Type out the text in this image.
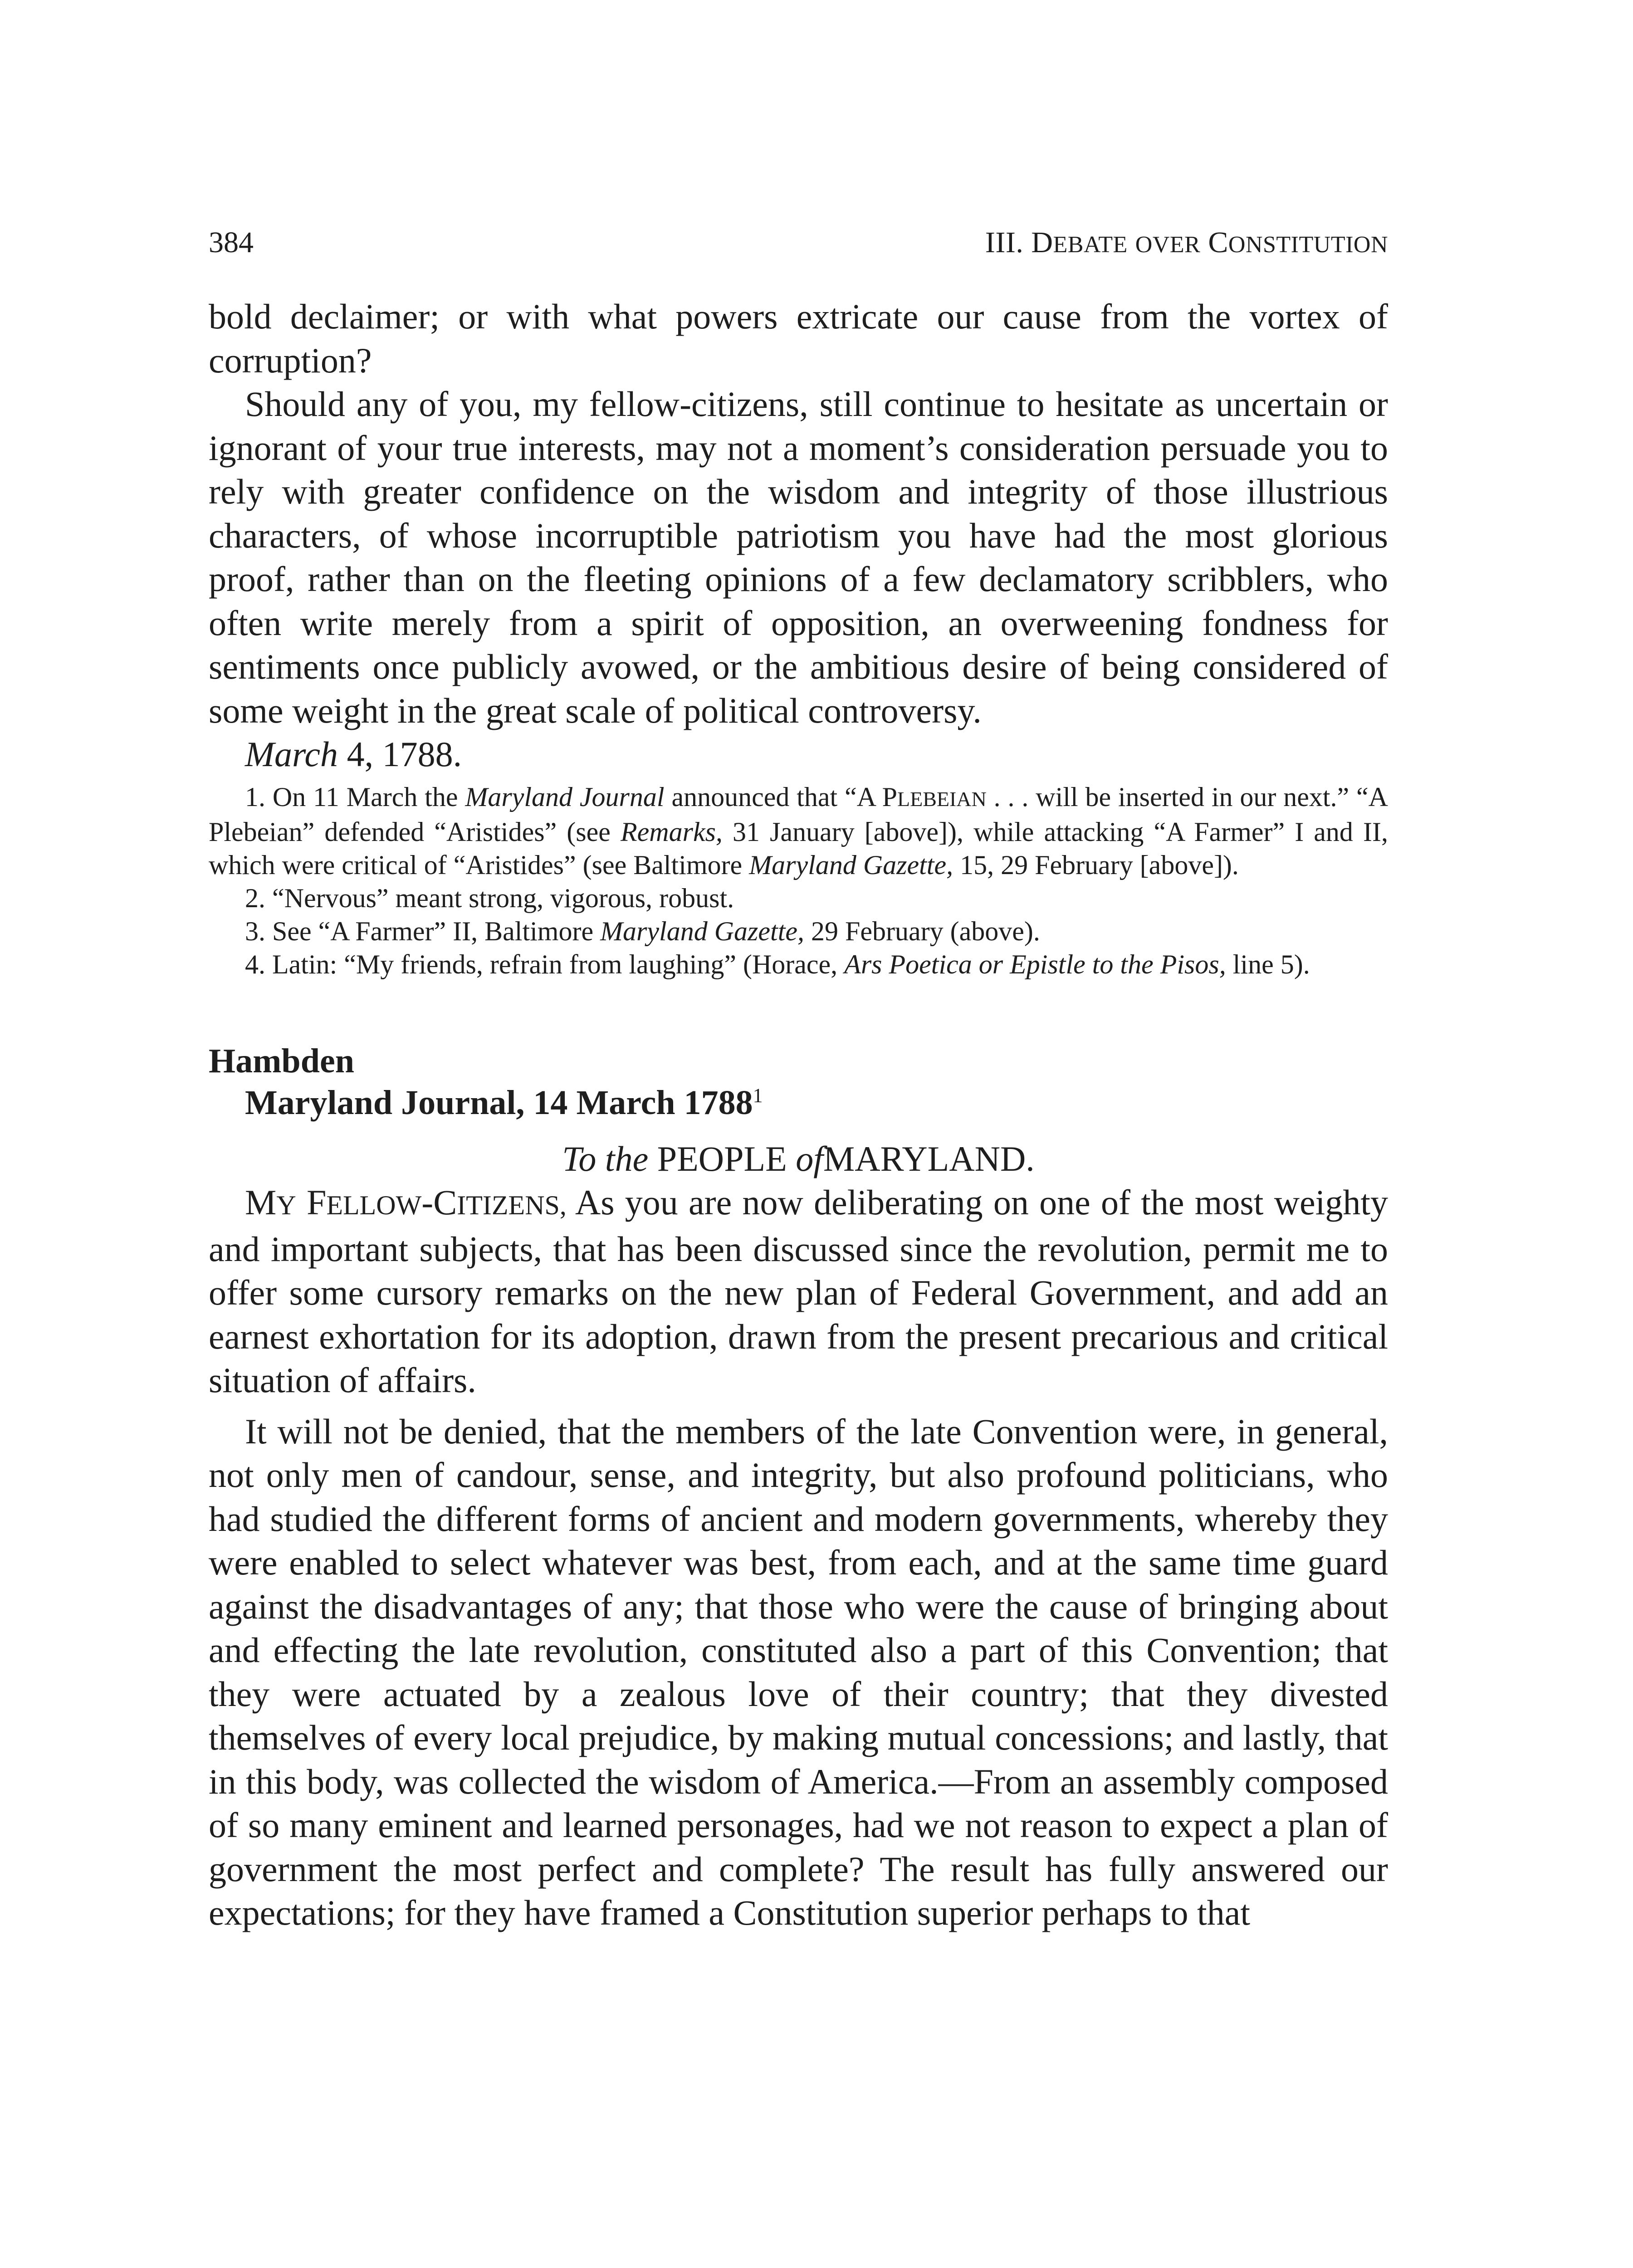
384	III. DEBATE OVER CONSTITUTION

bold declaimer; or with what powers extricate our cause from the vortex of corruption?

Should any of you, my fellow-citizens, still continue to hesitate as uncertain or ignorant of your true interests, may not a moment’s consideration persuade you to rely with greater confidence on the wisdom and integrity of those illustrious characters, of whose incorruptible patriotism you have had the most glorious proof, rather than on the fleeting opinions of a few declamatory scribblers, who often write merely from a spirit of opposition, an overweening fondness for sentiments once publicly avowed, or the ambitious desire of being considered of some weight in the great scale of political controversy.

March 4, 1788.

1. On 11 March the Maryland Journal announced that “A PLEBEIAN . . . will be inserted in our next.” “A Plebeian” defended “Aristides” (see Remarks, 31 January [above]), while attacking “A Farmer” I and II, which were critical of “Aristides” (see Baltimore Maryland Gazette, 15, 29 February [above]).

2. “Nervous” meant strong, vigorous, robust.

3. See “A Farmer” II, Baltimore Maryland Gazette, 29 February (above).

4. Latin: “My friends, refrain from laughing” (Horace, Ars Poetica or Epistle to the Pisos, line 5).

Hambden
Maryland Journal, 14 March 1788$^1$
To the PEOPLE ofMARYLAND.

MY FELLOW-CITIZENS, As you are now deliberating on one of the most weighty and important subjects, that has been discussed since the revolution, permit me to offer some cursory remarks on the new plan of Federal Government, and add an earnest exhortation for its adoption, drawn from the present precarious and critical situation of affairs.

It will not be denied, that the members of the late Convention were, in general, not only men of candour, sense, and integrity, but also profound politicians, who had studied the different forms of ancient and modern governments, whereby they were enabled to select whatever was best, from each, and at the same time guard against the disadvantages of any; that those who were the cause of bringing about and effecting the late revolution, constituted also a part of this Convention; that they were actuated by a zealous love of their country; that they divested themselves of every local prejudice, by making mutual concessions; and lastly, that in this body, was collected the wisdom of America.—From an assembly composed of so many eminent and learned personages, had we not reason to expect a plan of government the most perfect and complete? The result has fully answered our expectations; for they have framed a Constitution superior perhaps to that
